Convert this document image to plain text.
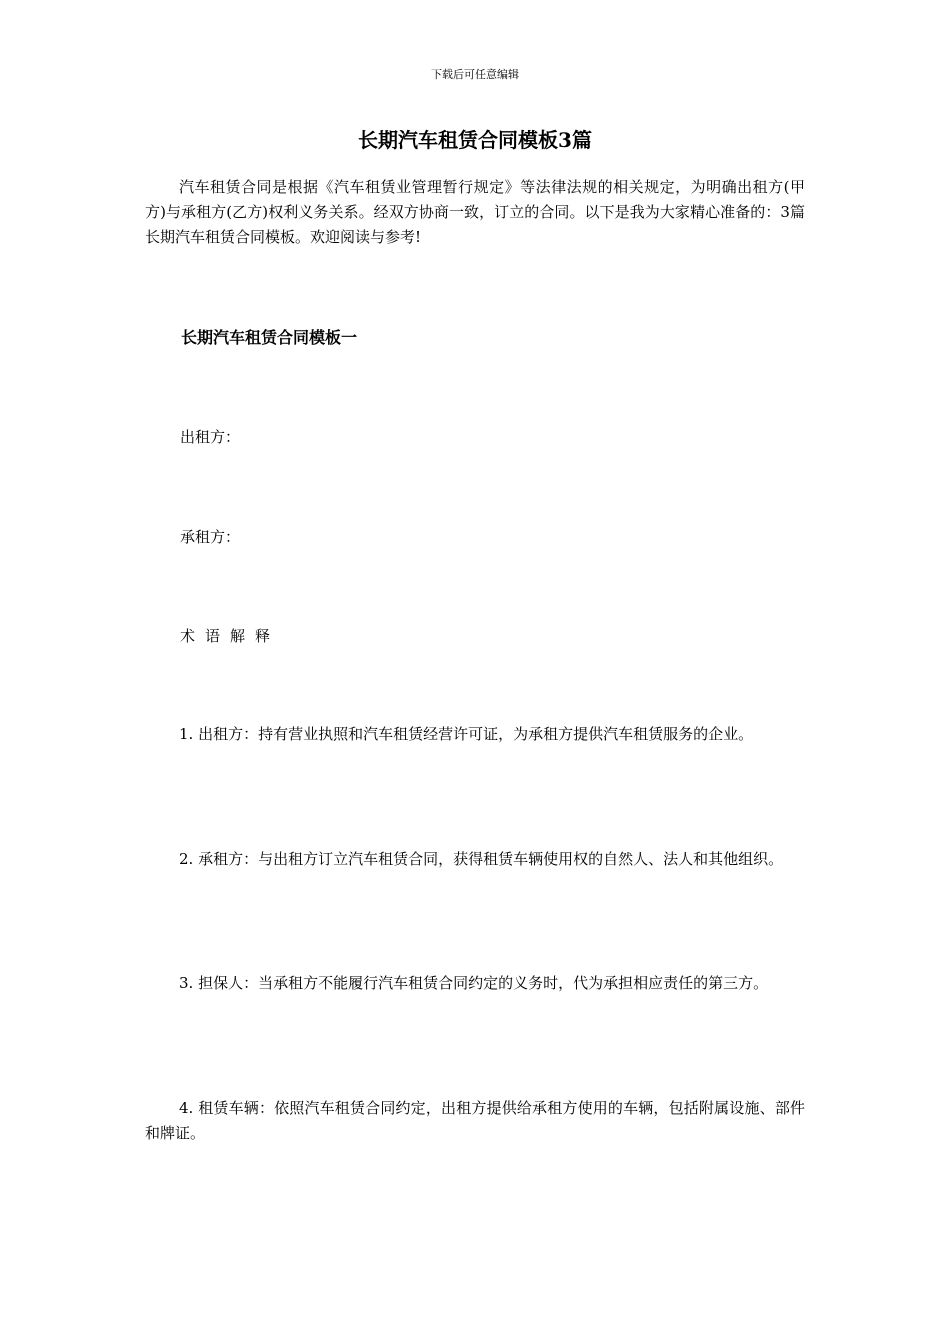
下载后可任意编辑
长期汽车租赁合同模板3篇

汽车租赁合同是根据《汽车租赁业管理暂行规定》等法律法规的相关规定，为明确出租方(甲方)与承租方(乙方)权利义务关系。经双方协商一致，订立的合同。以下是我为大家精心准备的：3篇长期汽车租赁合同模板。欢迎阅读与参考!

长期汽车租赁合同模板一
出租方：
承租方：
术语解释

1. 出租方：持有营业执照和汽车租赁经营许可证，为承租方提供汽车租赁服务的企业。

2. 承租方：与出租方订立汽车租赁合同，获得租赁车辆使用权的自然人、法人和其他组织。

3. 担保人：当承租方不能履行汽车租赁合同约定的义务时，代为承担相应责任的第三方。

4. 租赁车辆：依照汽车租赁合同约定，出租方提供给承租方使用的车辆，包括附属设施、部件和牌证。
